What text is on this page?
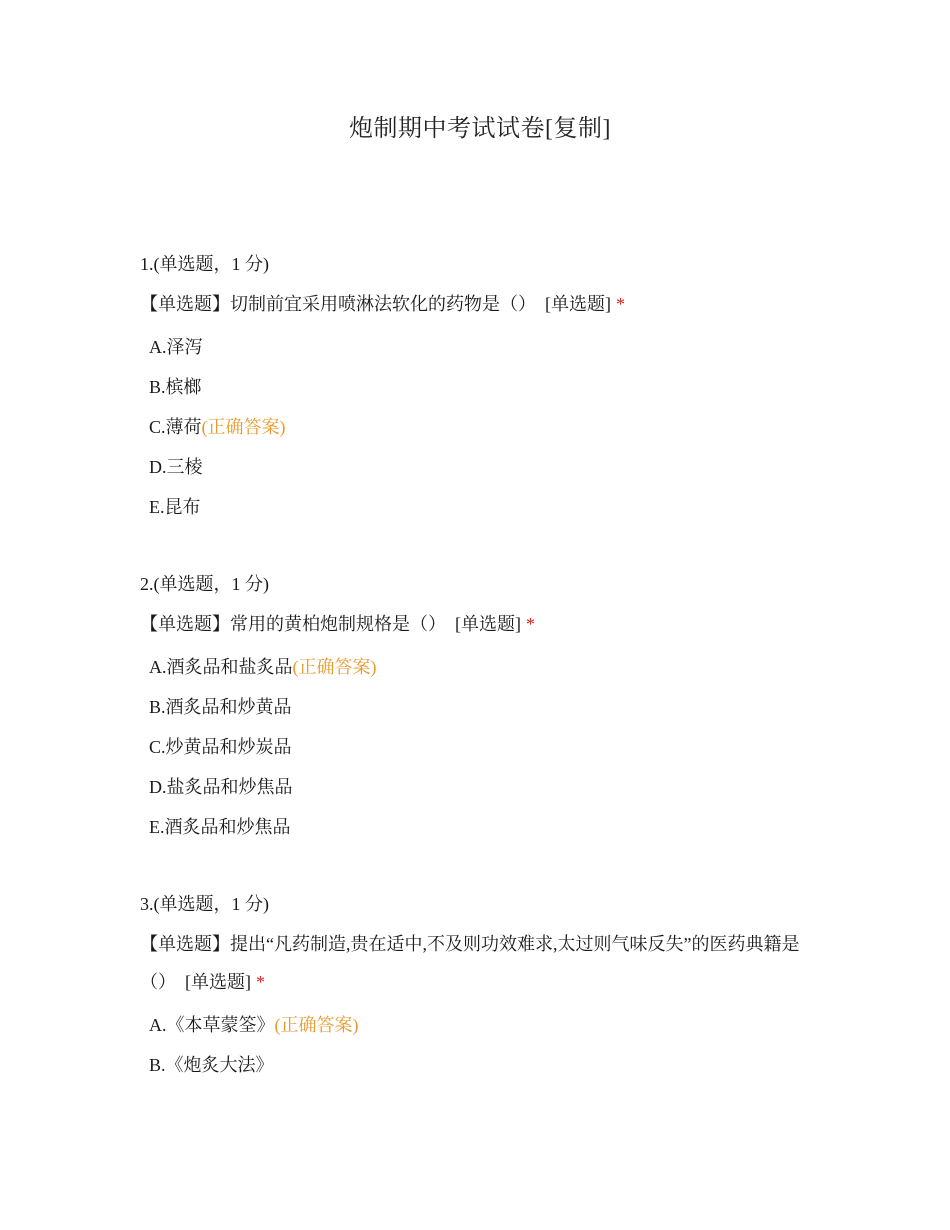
炮制期中考试试卷[复制]
1.(单选题，1 分)
【单选题】切制前宜采用喷淋法软化的药物是（） [单选题] *
A.泽泻
B.槟榔
C.薄荷(正确答案)
D.三棱
E.昆布
2.(单选题，1 分)
【单选题】常用的黄柏炮制规格是（） [单选题] *
A.酒炙品和盐炙品(正确答案)
B.酒炙品和炒黄品
C.炒黄品和炒炭品
D.盐炙品和炒焦品
E.酒炙品和炒焦品
3.(单选题，1 分)
【单选题】提出“凡药制造,贵在适中,不及则功效难求,太过则气味反失”的医药典籍是（） [单选题] *
A.《本草蒙筌》(正确答案)
B.《炮炙大法》
